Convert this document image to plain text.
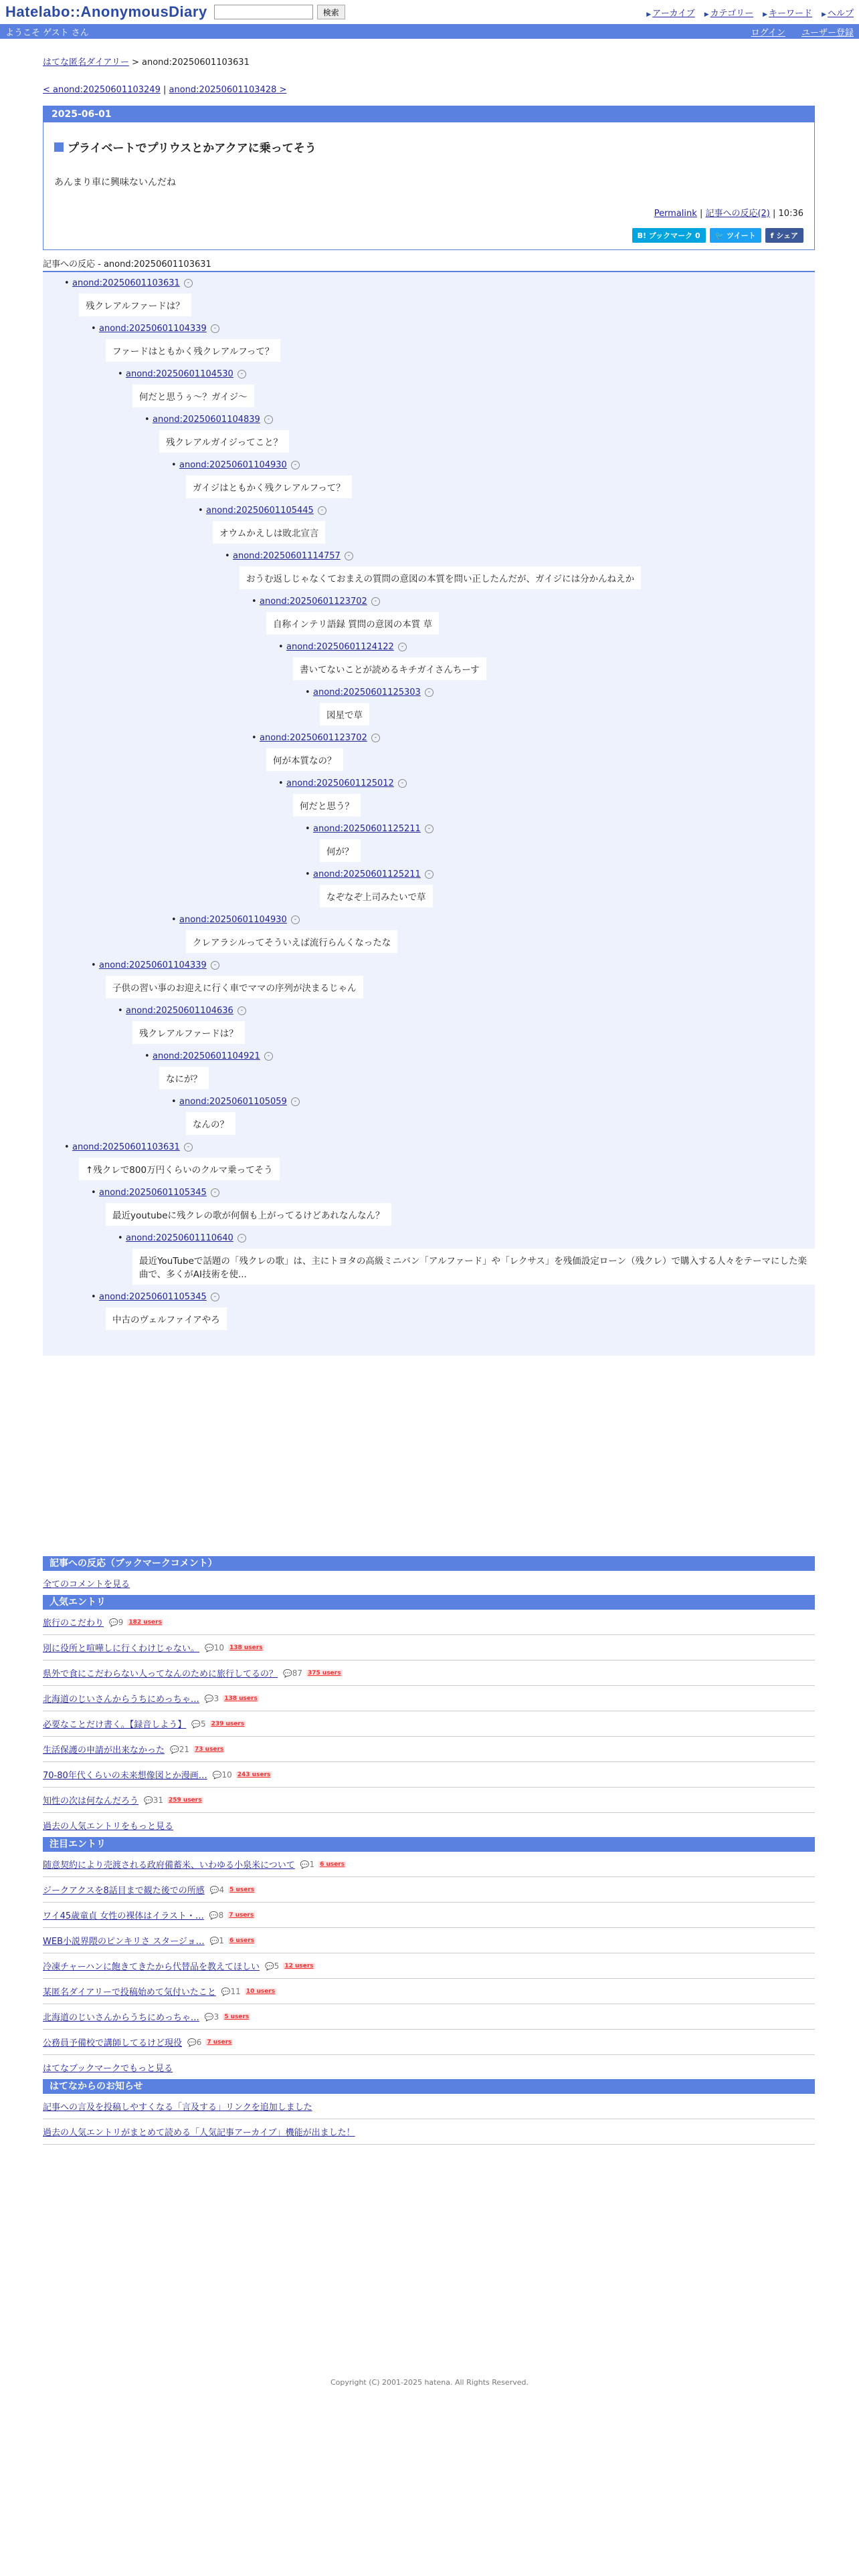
Hatelabo::AnonymousDiary	検索	▶ アーカイブ	▶ カテゴリー	▶ キーワード	▶ ヘルプ
ようこそ ゲスト さん	ログイン ユーザー登録
はてな匿名ダイアリー > anond:20250601103631
< anond:20250601103249 | anond:20250601103428 >
2025-06-01
プライベートでプリウスとかアクアに乗ってそう
あんまり車に興味ないんだね
Permalink | 記事への反応(2) | 10:36
B! ブックマーク 0	🐦 ツイート	f シェア
記事への反応 - anond:20250601103631
• anond:20250601103631 -
残クレアルファードは？
• anond:20250601104339 -
ファードはともかく残クレアルフって？
• anond:20250601104530 -
何だと思うぅ～？ガイジ～
• anond:20250601104839 -
残クレアルガイジってこと？
• anond:20250601104930 -
ガイジはともかく残クレアルフって？
• anond:20250601105445 -
オウムかえしは敗北宣言
• anond:20250601114757 -
おうむ返しじゃなくておまえの質問の意図の本質を問い正したんだが、ガイジには分かんねえか
• anond:20250601123702 -
自称インテリ語録 質問の意図の本質 草
• anond:20250601124122 -
書いてないことが読めるキチガイさんちーす
• anond:20250601125303 -
図星で草
• anond:20250601123702 -
何が本質なの？
• anond:20250601125012 -
何だと思う？
• anond:20250601125211 -
何が？
• anond:20250601125211 -
なぞなぞ上司みたいで草
• anond:20250601104930 -
クレアラシルってそういえば流行らんくなったな
• anond:20250601104339 -
子供の習い事のお迎えに行く車でママの序列が決まるじゃん
• anond:20250601104636 -
残クレアルファードは？
• anond:20250601104921 -
なにが？
• anond:20250601105059 -
なんの？
• anond:20250601103631 -
↑残クレで800万円くらいのクルマ乗ってそう
• anond:20250601105345 -
最近youtubeに残クレの歌が何個も上がってるけどあれなんなん？
• anond:20250601110640 -
最近YouTubeで話題の「残クレの歌」は、主にトヨタの高級ミニバン「アルファード」や「レクサス」を残価設定ローン（残クレ）で購入する人々をテーマにした楽曲で、多くがAI技術を使...
• anond:20250601105345 -
中古のヴェルファイアやろ
記事への反応（ブックマークコメント）
全てのコメントを見る
人気エントリ
旅行のこだわり	💬 9 182 users
別に役所と喧嘩しに行くわけじゃない。	💬 10 138 users
県外で食にこだわらない人ってなんのために旅行してるの？	💬 87 375 users
北海道のじいさんからうちにめっちゃ…	💬 3 138 users
必要なことだけ書く。【録音しよう】	💬 5 239 users
生活保護の申請が出来なかった	💬 21 73 users
70-80年代くらいの未来想像図とか漫画…	💬 10 243 users
知性の次は何なんだろう	💬 31 259 users
過去の人気エントリをもっと見る
注目エントリ
随意契約により売渡される政府備蓄米、いわゆる小泉米について	💬 1 6 users
ジークアクスを8話目まで観た後での所感	💬 4 5 users
ワイ45歳童貞 女性の裸体はイラスト・…	💬 8 7 users
WEB小説界隈のピンキリさ スタージョ…	💬 1 6 users
冷凍チャーハンに飽きてきたから代替品を教えてほしい	💬 5 12 users
某匿名ダイアリーで投稿始めて気付いたこと	💬 11 10 users
北海道のじいさんからうちにめっちゃ…	💬 3 5 users
公務員予備校で講師してるけど現役	💬 6 7 users
はてなブックマークでもっと見る
はてなからのお知らせ
記事への言及を投稿しやすくなる「言及する」リンクを追加しました
過去の人気エントリがまとめて読める「人気記事アーカイブ」機能が出ました！
Copyright (C) 2001-2025 hatena. All Rights Reserved.
